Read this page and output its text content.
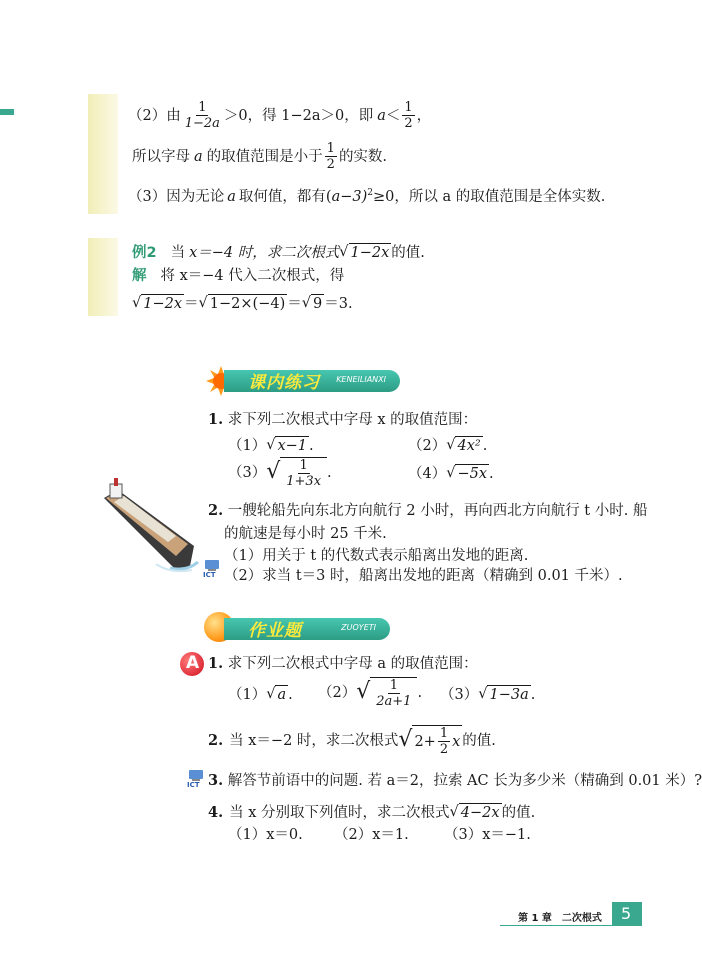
（2）由 $\frac{1}{1-2a} >0$，得 1−2a＞0，即 $a < \frac{1}{2}$ ，
所以字母 a 的取值范围是小于 $\frac{1}{2}$ 的实数.
（3）因为无论 a 取何值，都有$(a-3)^2\ge 0$，所以 a 的取值范围是全体实数.
例2 当 x＝−4 时，求二次根式 √ 1−2x 的值.
解 将 x＝−4 代入二次根式，得
√ 1−2x ＝ √ 1−2×(−4) ＝ √ 9 ＝3.
课内练习 KENEILIANXI
1. 求下列二次根式中字母 x 的取值范围：
（1） √ x−1 .	（2） √ 4x² .
（3） √ $\frac{1}{1+3x}$ .	（4） √ −5x .
2. 一艘轮船先向东北方向航行 2 小时，再向西北方向航行 t 小时. 船
的航速是每小时 25 千米.
（1）用关于 t 的代数式表示船离出发地的距离.
ICT （2）求当 t＝3 时，船离出发地的距离（精确到 0.01 千米）.
作业题	ZUOYETI
A 1. 求下列二次根式中字母 a 的取值范围：
（1） √ a . （2） √ $\frac{1}{2a+1}$ . （3） √ 1−3a .
2. 当 x＝−2 时，求二次根式 √ $2+ \frac{1}{2}$ x 的值.
ICT 3. 解答节前语中的问题. 若 a＝2，拉索 AC 长为多少米（精确到 0.01 米）?
4. 当 x 分别取下列值时，求二次根式 √ 4−2x 的值.
（1）x＝0. （2）x＝1. （3）x＝−1.
第 1 章　二次根式 5
